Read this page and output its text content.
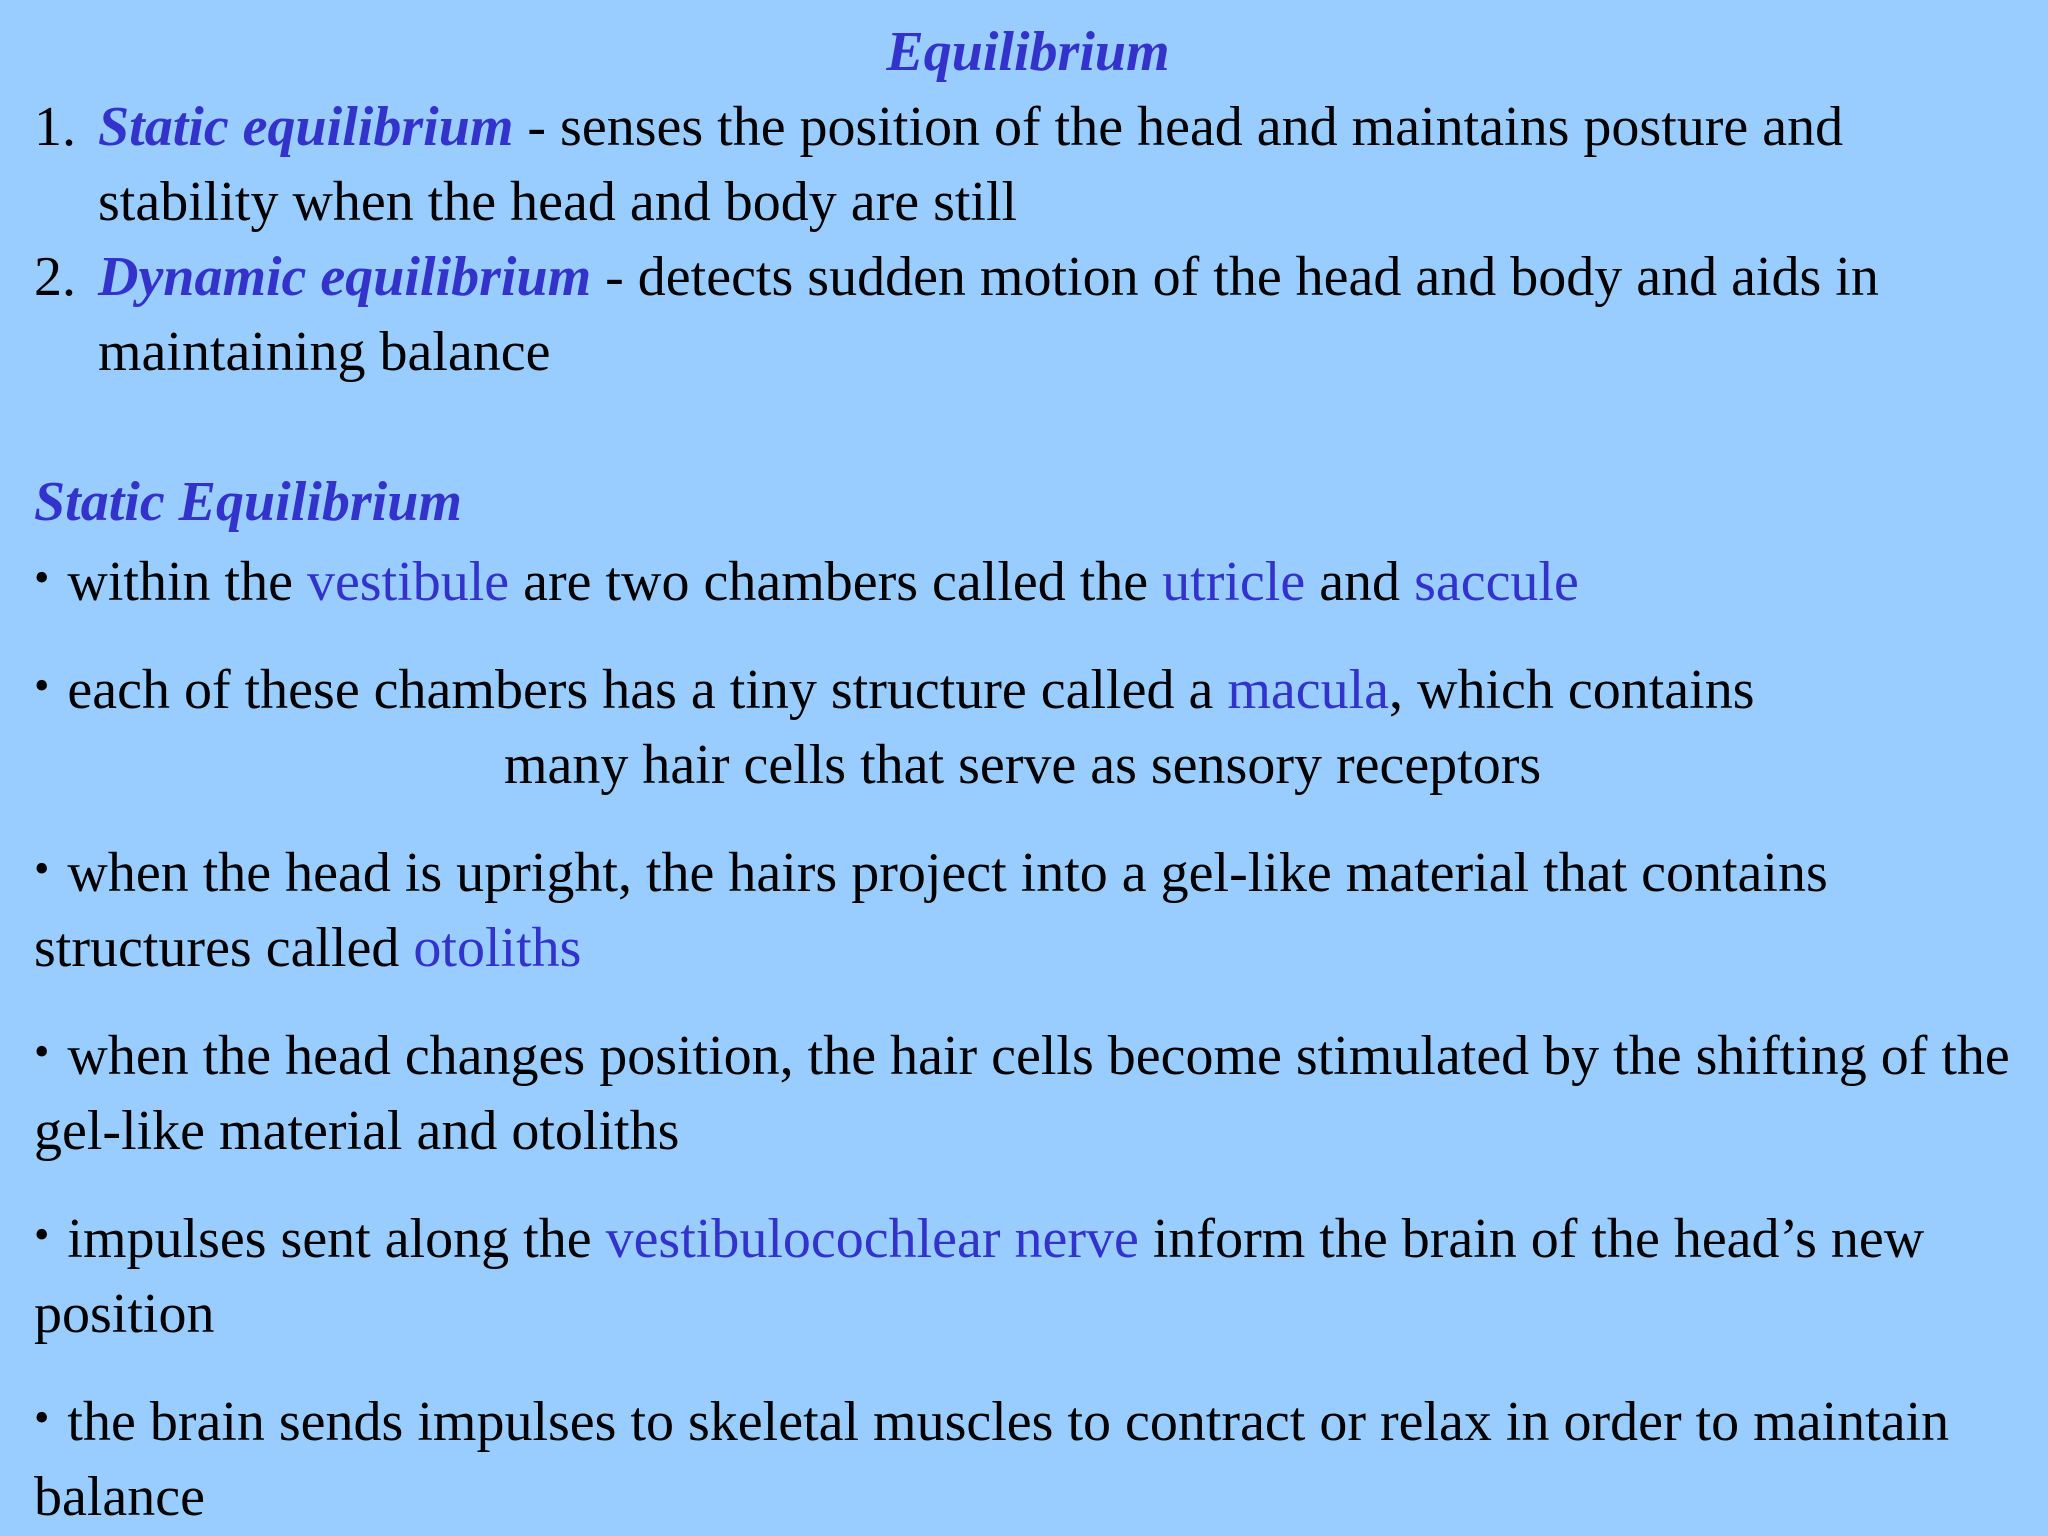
Equilibrium
1. Static equilibrium - senses the position of the head and maintains posture and stability when the head and body are still
2. Dynamic equilibrium - detects sudden motion of the head and body and aids in maintaining balance
Static Equilibrium
• within the vestibule are two chambers called the utricle and saccule
• each of these chambers has a tiny structure called a macula, which contains
many hair cells that serve as sensory receptors
• when the head is upright, the hairs project into a gel-like material that contains structures called otoliths
• when the head changes position, the hair cells become stimulated by the shifting of the gel-like material and otoliths
• impulses sent along the vestibulocochlear nerve inform the brain of the head’s new position
• the brain sends impulses to skeletal muscles to contract or relax in order to maintain balance
